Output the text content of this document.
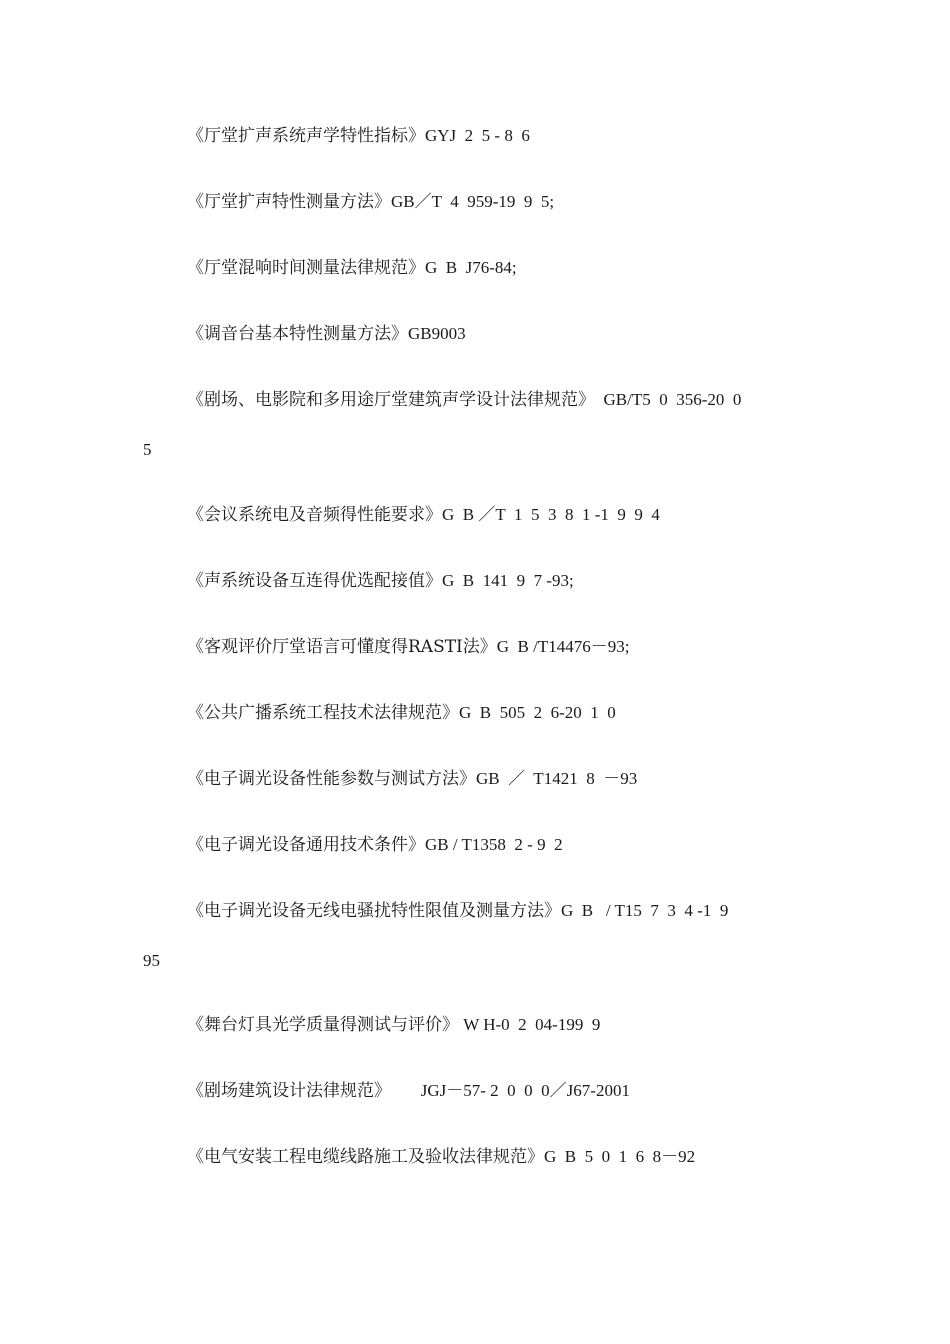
《厅堂扩声系统声学特性指标》GYJ  2  5 - 8  6
《厅堂扩声特性测量方法》GB／T  4  959-19  9  5;
《厅堂混响时间测量法律规范》G  B  J76-84;
《调音台基本特性测量方法》GB9003
《剧场、电影院和多用途厅堂建筑声学设计法律规范》  GB/T5  0  356-20  0
5
《会议系统电及音频得性能要求》G  B ／T  1  5  3  8  1 -1  9  9  4
《声系统设备互连得优选配接值》G  B  141  9  7 -93;
《客观评价厅堂语言可懂度得RASTI法》G  B /T14476－93;
《公共广播系统工程技术法律规范》G  B  505  2  6-20  1  0
《电子调光设备性能参数与测试方法》GB  ／  T1421  8  －93
《电子调光设备通用技术条件》GB / T1358  2 - 9  2
《电子调光设备无线电骚扰特性限值及测量方法》G  B   / T15  7  3  4 -1  9
95
《舞台灯具光学质量得测试与评价》 W H-0  2  04-199  9
《剧场建筑设计法律规范》       JGJ－57- 2  0  0  0／J67-2001
《电气安装工程电缆线路施工及验收法律规范》G  B  5  0  1  6  8－92
